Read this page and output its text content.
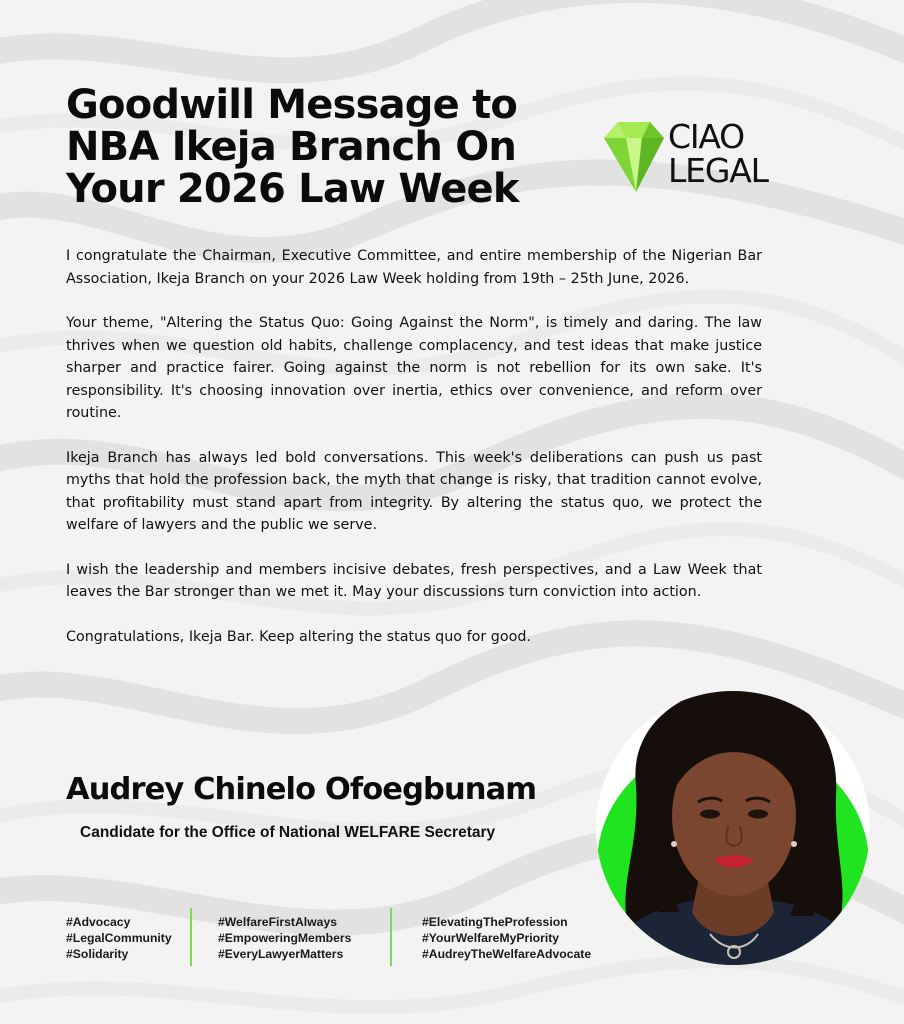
Goodwill Message to
NBA Ikeja Branch On
Your 2026 Law Week
CIAO
LEGAL

I congratulate the Chairman, Executive Committee, and entire membership of the Nigerian Bar Association, Ikeja Branch on your 2026 Law Week holding from 19th – 25th June, 2026.

Your theme, "Altering the Status Quo: Going Against the Norm", is timely and daring. The law thrives when we question old habits, challenge complacency, and test ideas that make justice sharper and practice fairer. Going against the norm is not rebellion for its own sake. It's responsibility. It's choosing innovation over inertia, ethics over convenience, and reform over routine.

Ikeja Branch has always led bold conversations. This week's deliberations can push us past myths that hold the profession back, the myth that change is risky, that tradition cannot evolve, that profitability must stand apart from integrity. By altering the status quo, we protect the welfare of lawyers and the public we serve.

I wish the leadership and members incisive debates, fresh perspectives, and a Law Week that leaves the Bar stronger than we met it. May your discussions turn conviction into action.

Congratulations, Ikeja Bar. Keep altering the status quo for good.

Audrey Chinelo Ofoegbunam
Candidate for the Office of National WELFARE Secretary
#Advocacy
#LegalCommunity
#Solidarity
#WelfareFirstAlways
#EmpoweringMembers
#EveryLawyerMatters
#ElevatingTheProfession
#YourWelfareMyPriority
#AudreyTheWelfareAdvocate
